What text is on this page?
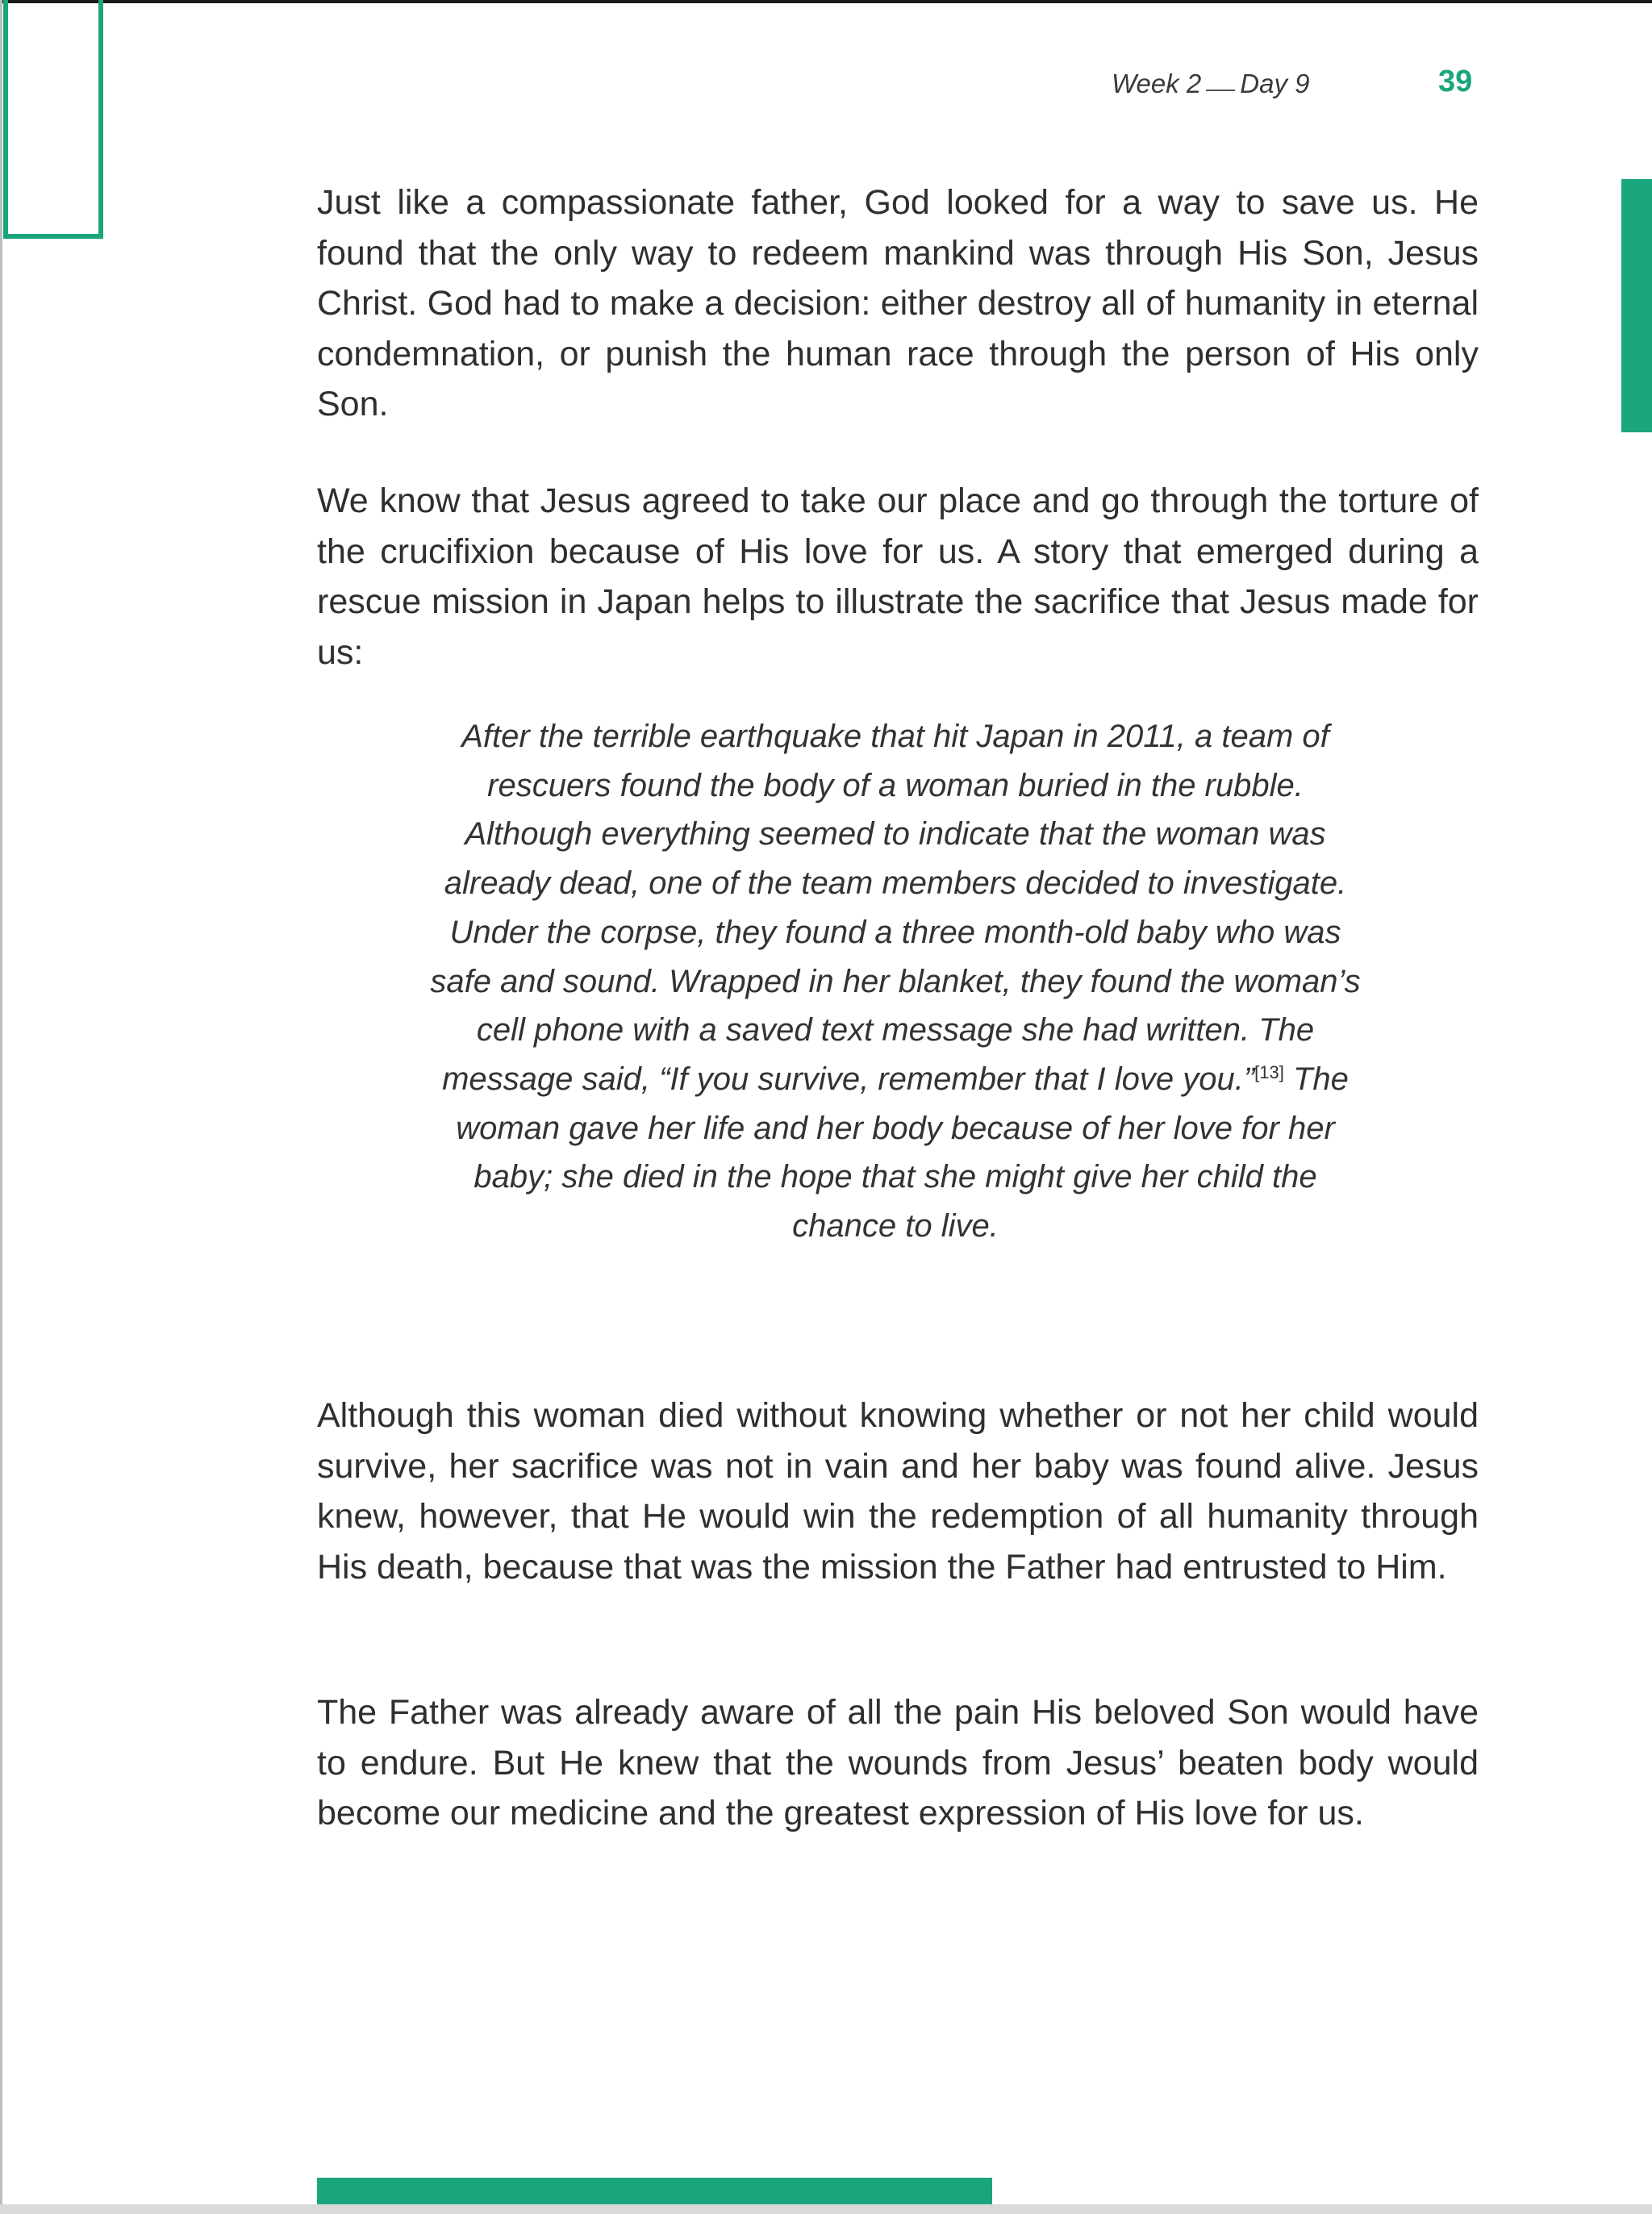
Week 2 Day 9	39

Just like a compassionate father, God looked for a way to save us. He found that the only way to redeem mankind was through His Son, Jesus Christ. God had to make a decision: either destroy all of humanity in eternal condemnation, or punish the human race through the person of His only Son.

We know that Jesus agreed to take our place and go through the torture of the crucifixion because of His love for us. A story that emerged during a rescue mission in Japan helps to illustrate the sacrifice that Jesus made for us:

After the terrible earthquake that hit Japan in 2011, a team of rescuers found the body of a woman buried in the rubble. Although everything seemed to indicate that the woman was already dead, one of the team members decided to investigate. Under the corpse, they found a three month-old baby who was safe and sound. Wrapped in her blanket, they found the woman’s cell phone with a saved text message she had written. The message said, “If you survive, remember that I love you.”[13] The woman gave her life and her body because of her love for her baby; she died in the hope that she might give her child the chance to live.

Although this woman died without knowing whether or not her child would survive, her sacrifice was not in vain and her baby was found alive. Jesus knew, however, that He would win the redemption of all humanity through His death, because that was the mission the Father had entrusted to Him.

The Father was already aware of all the pain His beloved Son would have to endure. But He knew that the wounds from Jesus’ beaten body would become our medicine and the greatest expression of His love for us.
